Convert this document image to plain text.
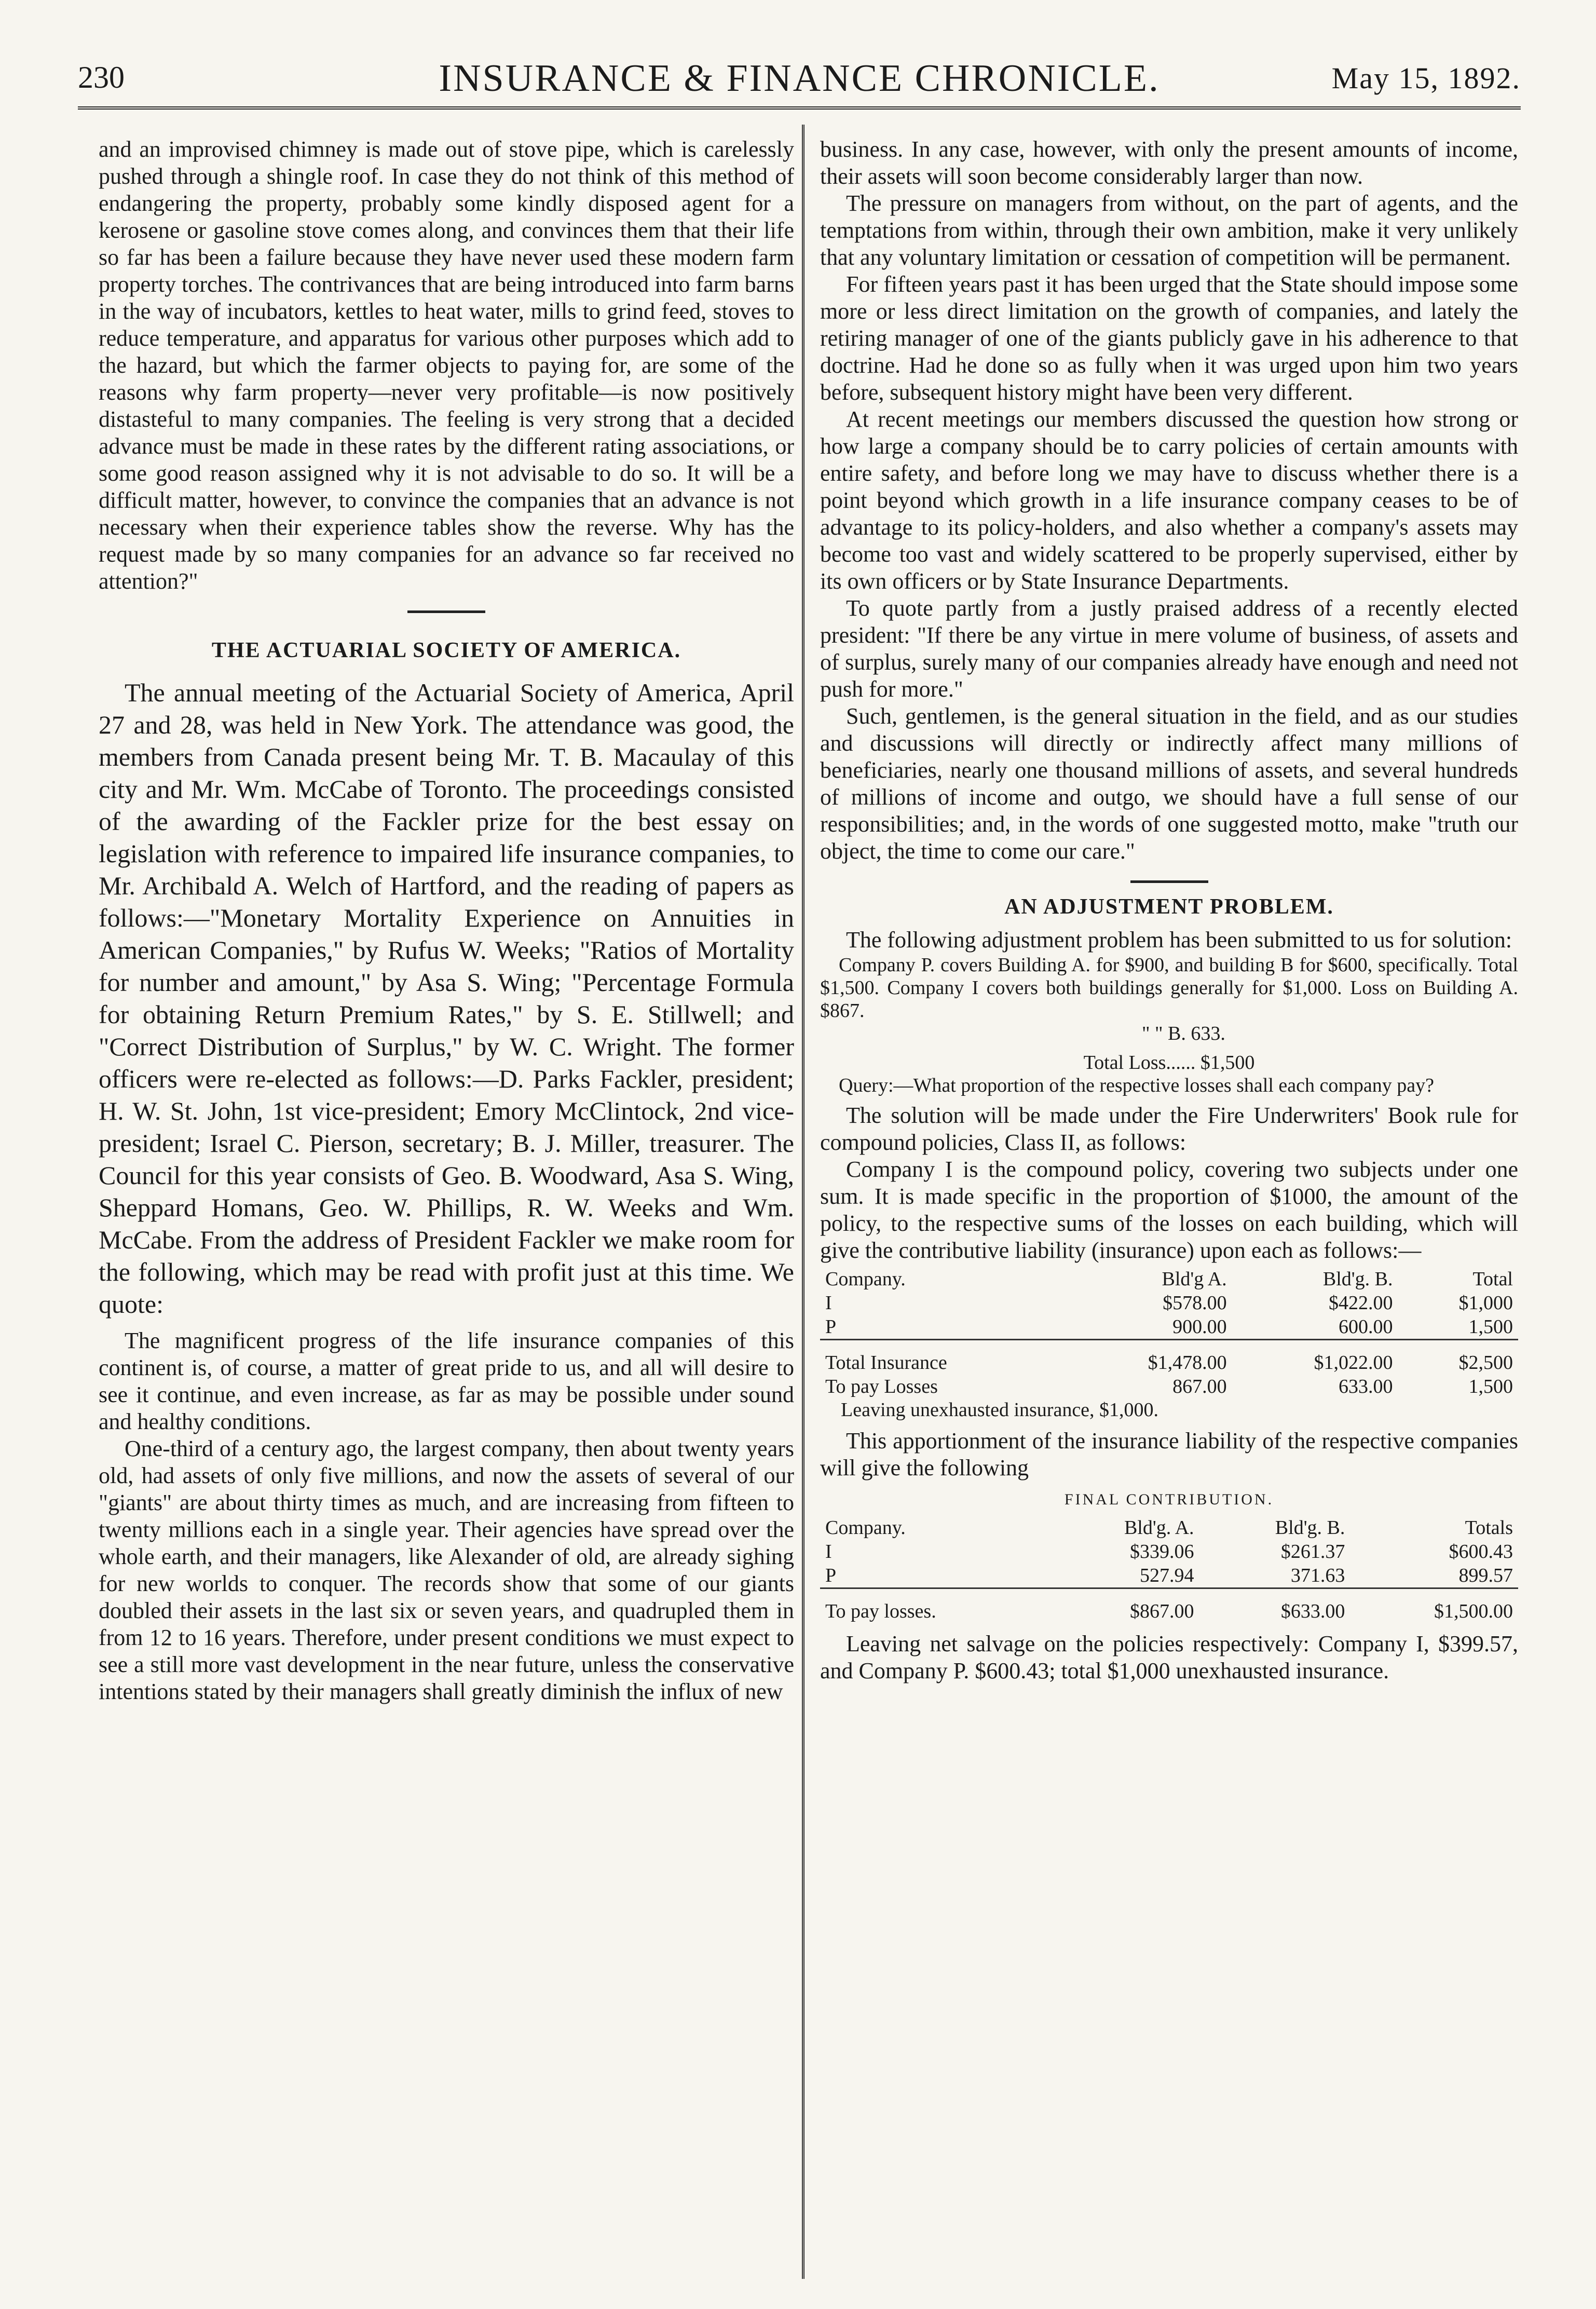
230	INSURANCE & FINANCE CHRONICLE.	May 15, 1892.

and an improvised chimney is made out of stove pipe, which is carelessly pushed through a shingle roof. In case they do not think of this method of endangering the property, probably some kindly disposed agent for a kerosene or gasoline stove comes along, and convinces them that their life so far has been a failure because they have never used these modern farm property torches. The contrivances that are being introduced into farm barns in the way of incubators, kettles to heat water, mills to grind feed, stoves to reduce temperature, and apparatus for various other purposes which add to the hazard, but which the farmer objects to paying for, are some of the reasons why farm property—never very profitable—is now positively distasteful to many companies. The feeling is very strong that a decided advance must be made in these rates by the different rating associations, or some good reason assigned why it is not advisable to do so. It will be a difficult matter, however, to convince the companies that an advance is not necessary when their experience tables show the reverse. Why has the request made by so many companies for an advance so far received no attention?"

THE ACTUARIAL SOCIETY OF AMERICA.

The annual meeting of the Actuarial Society of America, April 27 and 28, was held in New York. The attendance was good, the members from Canada present being Mr. T. B. Macaulay of this city and Mr. Wm. McCabe of Toronto. The proceedings consisted of the awarding of the Fackler prize for the best essay on legislation with reference to impaired life insurance companies, to Mr. Archibald A. Welch of Hartford, and the reading of papers as follows:—"Monetary Mortality Experience on Annuities in American Companies," by Rufus W. Weeks; "Ratios of Mortality for number and amount," by Asa S. Wing; "Percentage Formula for obtaining Return Premium Rates," by S. E. Stillwell; and "Correct Distribution of Surplus," by W. C. Wright. The former officers were re-elected as follows:—D. Parks Fackler, president; H. W. St. John, 1st vice-president; Emory McClintock, 2nd vice-president; Israel C. Pierson, secretary; B. J. Miller, treasurer. The Council for this year consists of Geo. B. Woodward, Asa S. Wing, Sheppard Homans, Geo. W. Phillips, R. W. Weeks and Wm. McCabe. From the address of President Fackler we make room for the following, which may be read with profit just at this time. We quote:

The magnificent progress of the life insurance companies of this continent is, of course, a matter of great pride to us, and all will desire to see it continue, and even increase, as far as may be possible under sound and healthy conditions.

One-third of a century ago, the largest company, then about twenty years old, had assets of only five millions, and now the assets of several of our "giants" are about thirty times as much, and are increasing from fifteen to twenty millions each in a single year. Their agencies have spread over the whole earth, and their managers, like Alexander of old, are already sighing for new worlds to conquer. The records show that some of our giants doubled their assets in the last six or seven years, and quadrupled them in from 12 to 16 years. Therefore, under present conditions we must expect to see a still more vast development in the near future, unless the conservative intentions stated by their managers shall greatly diminish the influx of new

business. In any case, however, with only the present amounts of income, their assets will soon become considerably larger than now.

The pressure on managers from without, on the part of agents, and the temptations from within, through their own ambition, make it very unlikely that any voluntary limitation or cessation of competition will be permanent.

For fifteen years past it has been urged that the State should impose some more or less direct limitation on the growth of companies, and lately the retiring manager of one of the giants publicly gave in his adherence to that doctrine. Had he done so as fully when it was urged upon him two years before, subsequent history might have been very different.

At recent meetings our members discussed the question how strong or how large a company should be to carry policies of certain amounts with entire safety, and before long we may have to discuss whether there is a point beyond which growth in a life insurance company ceases to be of advantage to its policy-holders, and also whether a company's assets may become too vast and widely scattered to be properly supervised, either by its own officers or by State Insurance Departments.

To quote partly from a justly praised address of a recently elected president: "If there be any virtue in mere volume of business, of assets and of surplus, surely many of our companies already have enough and need not push for more."

Such, gentlemen, is the general situation in the field, and as our studies and discussions will directly or indirectly affect many millions of beneficiaries, nearly one thousand millions of assets, and several hundreds of millions of income and outgo, we should have a full sense of our responsibilities; and, in the words of one suggested motto, make "truth our object, the time to come our care."

AN ADJUSTMENT PROBLEM.

The following adjustment problem has been submitted to us for solution:

Company P. covers Building A. for $900, and building B for $600, specifically. Total $1,500. Company I covers both buildings generally for $1,000. Loss on Building A. $867.

" " B. 633.
Total Loss...... $1,500

Query:—What proportion of the respective losses shall each company pay?

The solution will be made under the Fire Underwriters' Book rule for compound policies, Class II, as follows:

Company I is the compound policy, covering two subjects under one sum. It is made specific in the proportion of $1000, the amount of the policy, to the respective sums of the losses on each building, which will give the contributive liability (insurance) upon each as follows:—

Company.	Bld'g A.	Bld'g. B.	Total
I	$578.00	$422.00	$1,000
P	900.00	600.00	1,500
Total Insurance	$1,478.00	$1,022.00	$2,500
To pay Losses	867.00	633.00	1,500
Leaving unexhausted insurance, $1,000.

This apportionment of the insurance liability of the respective companies will give the following

FINAL CONTRIBUTION.
Company.	Bld'g. A.	Bld'g. B.	Totals
I	$339.06	$261.37	$600.43
P	527.94	371.63	899.57
To pay losses.	$867.00	$633.00	$1,500.00

Leaving net salvage on the policies respectively: Company I, $399.57, and Company P. $600.43; total $1,000 unexhausted insurance.
